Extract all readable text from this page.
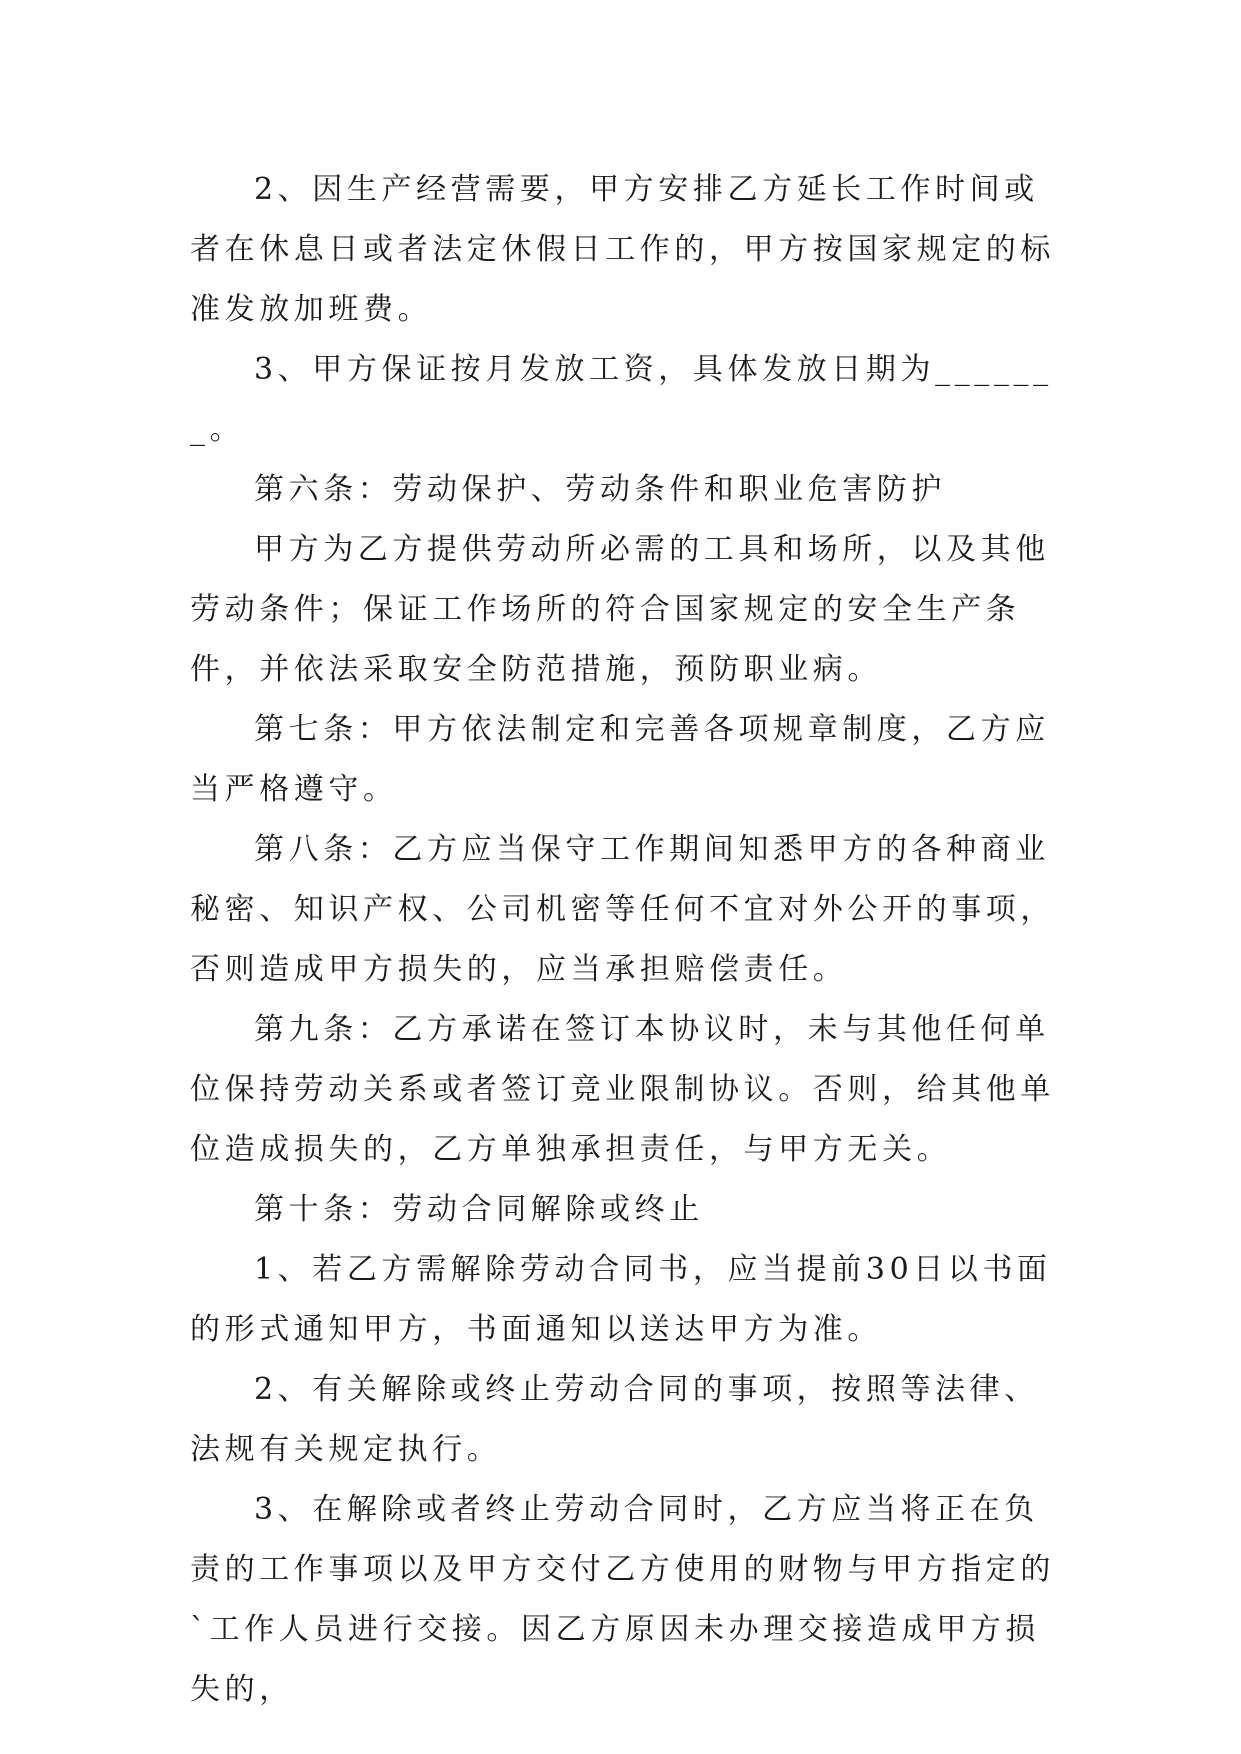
2、因生产经营需要，甲方安排乙方延长工作时间或者在休息日或者法定休假日工作的，甲方按国家规定的标准发放加班费。

3、甲方保证按月发放工资，具体发放日期为_______。

第六条：劳动保护、劳动条件和职业危害防护

甲方为乙方提供劳动所必需的工具和场所，以及其他劳动条件；保证工作场所的符合国家规定的安全生产条件，并依法采取安全防范措施，预防职业病。

第七条：甲方依法制定和完善各项规章制度，乙方应当严格遵守。

第八条：乙方应当保守工作期间知悉甲方的各种商业秘密、知识产权、公司机密等任何不宜对外公开的事项，否则造成甲方损失的，应当承担赔偿责任。

第九条：乙方承诺在签订本协议时，未与其他任何单位保持劳动关系或者签订竞业限制协议。否则，给其他单位造成损失的，乙方单独承担责任，与甲方无关。

第十条：劳动合同解除或终止

1、若乙方需解除劳动合同书，应当提前30日以书面的形式通知甲方，书面通知以送达甲方为准。

2、有关解除或终止劳动合同的事项，按照等法律、法规有关规定执行。

3、在解除或者终止劳动合同时，乙方应当将正在负责的工作事项以及甲方交付乙方使用的财物与甲方指定的`工作人员进行交接。因乙方原因未办理交接造成甲方损失的，
